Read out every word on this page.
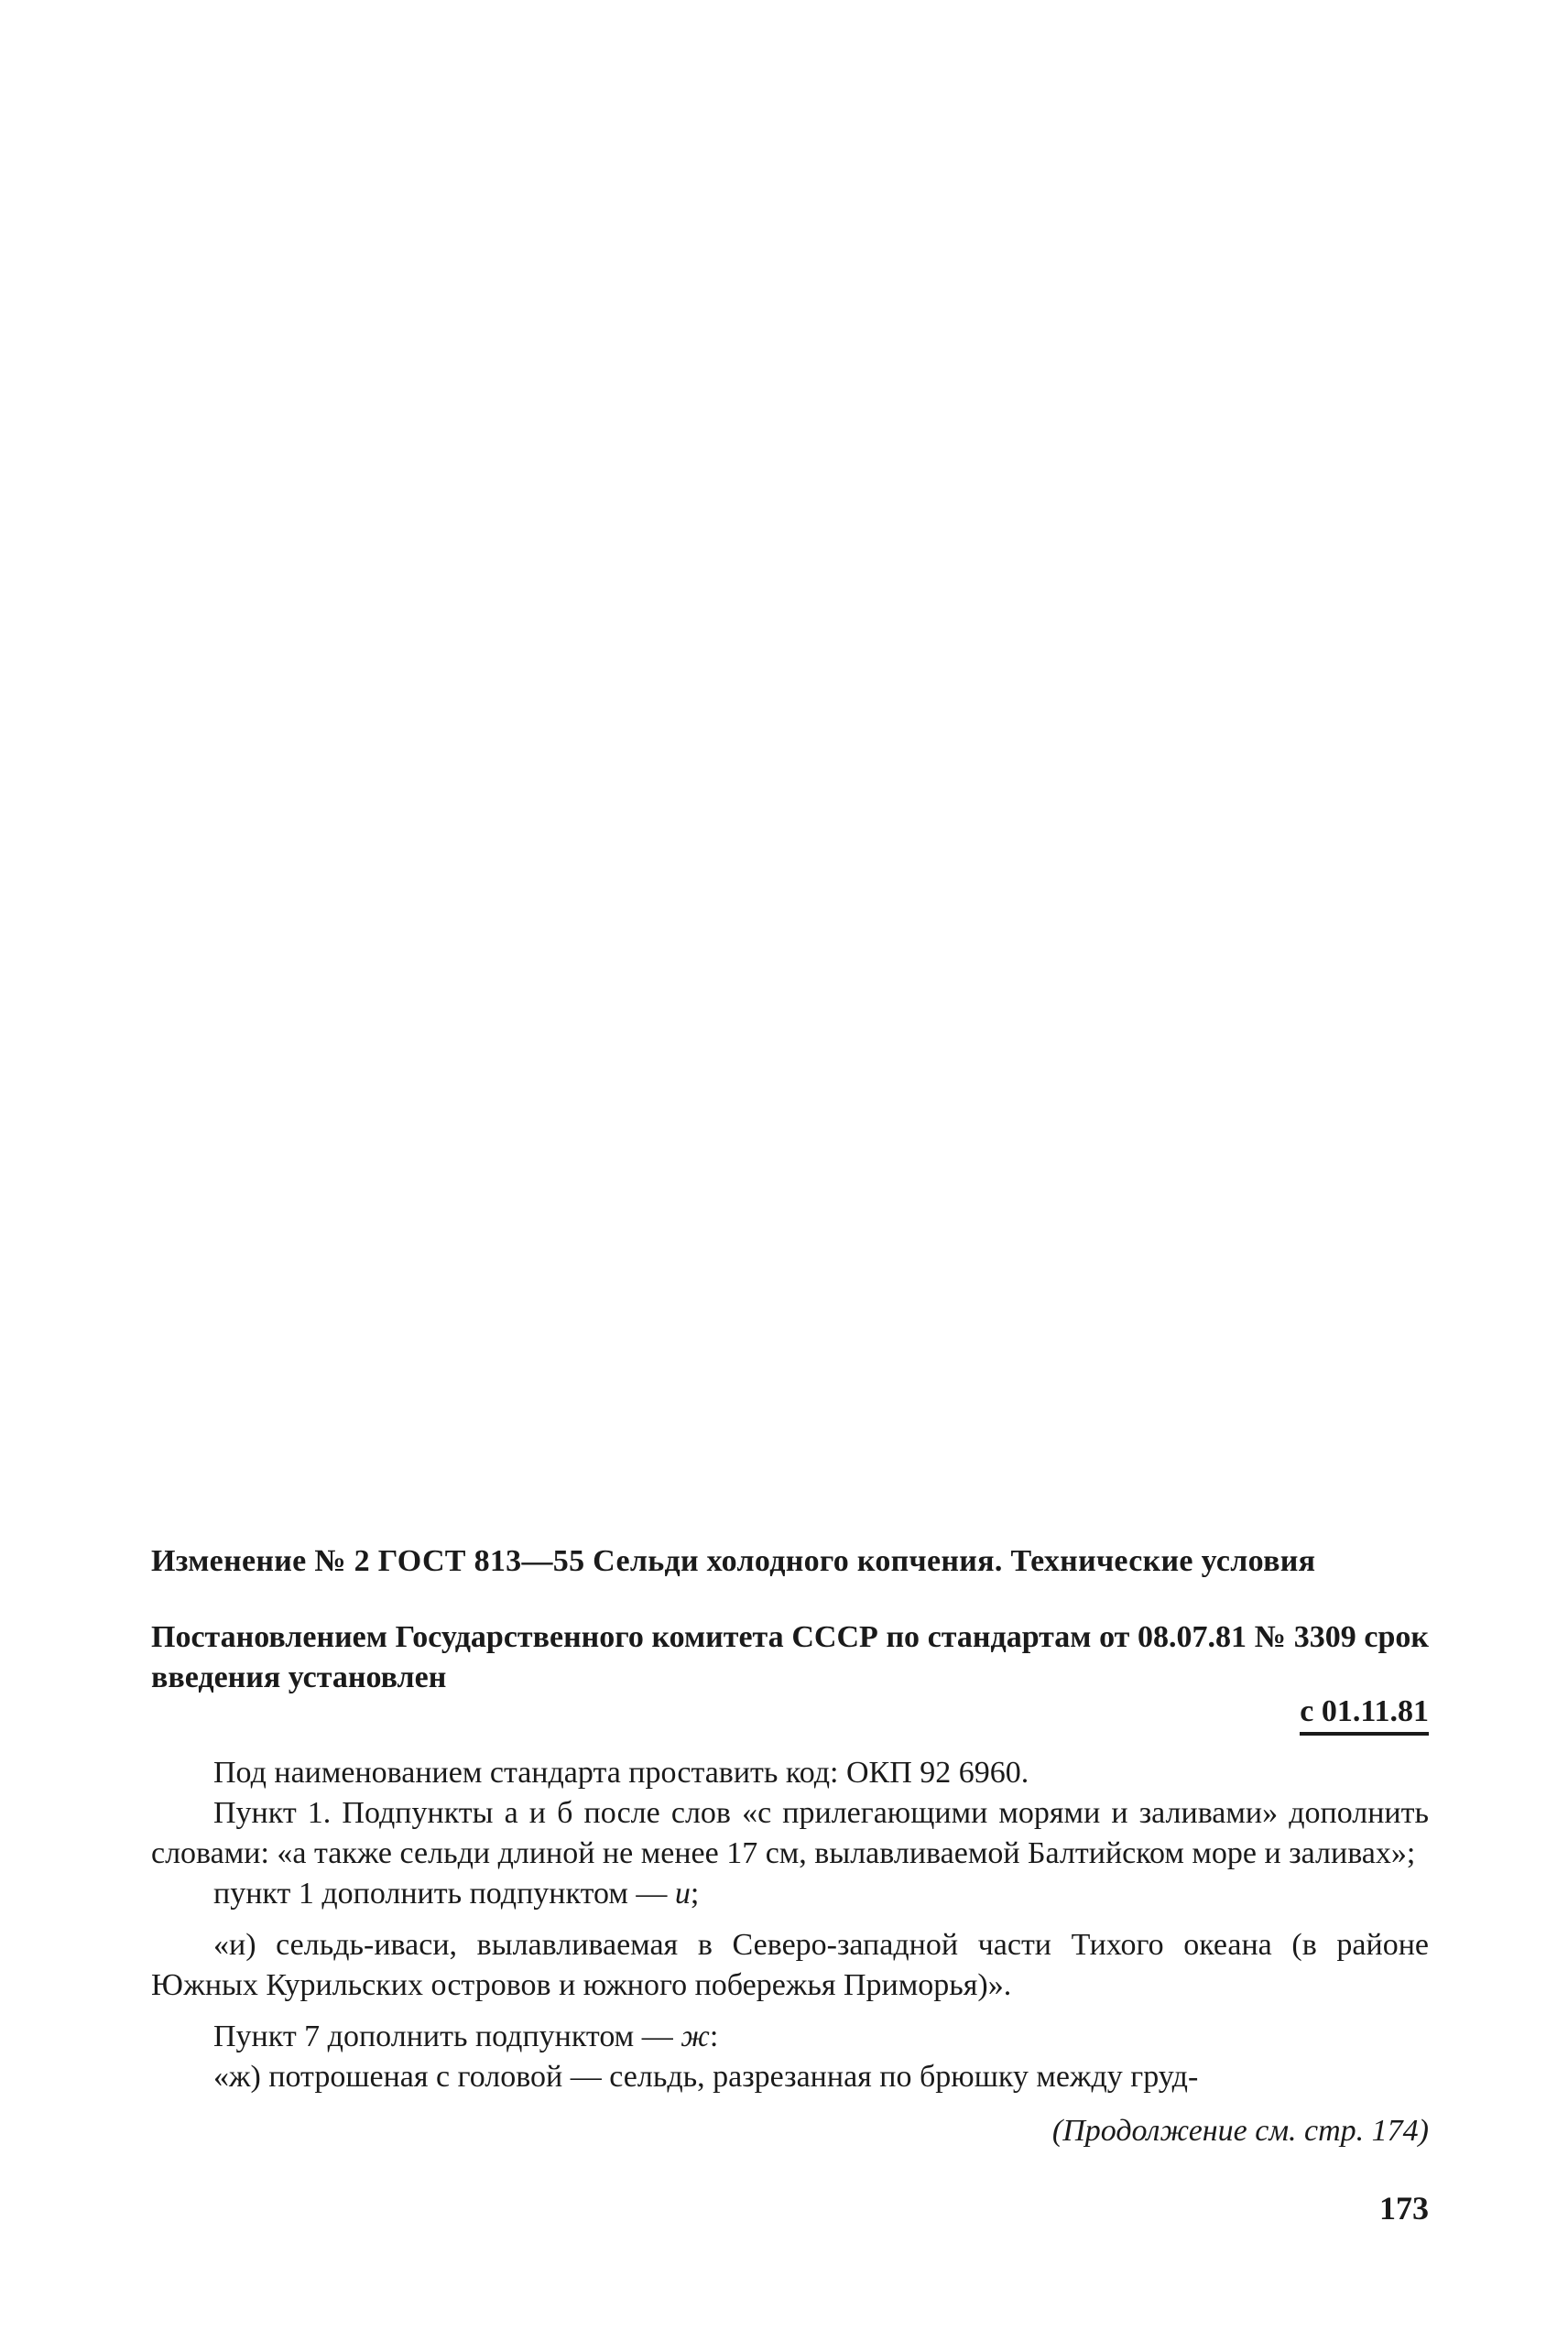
Изменение № 2 ГОСТ 813—55 Сельди холодного копчения. Технические условия
Постановлением Государственного комитета СССР по стандартам от 08.07.81 № 3309 срок введения установлен
с 01.11.81

Под наименованием стандарта проставить код: ОКП 92 6960.

Пункт 1. Подпункты а и б после слов «с прилегающими морями и заливами» дополнить словами: «а также сельди длиной не менее 17 см, вылавливаемой Балтийском море и заливах»;

пункт 1 дополнить подпунктом — и;

«и) сельдь-иваси, вылавливаемая в Северо-западной части Тихого океана (в районе Южных Курильских островов и южного побережья Приморья)».

Пункт 7 дополнить подпунктом — ж:

«ж) потрошеная с головой — сельдь, разрезанная по брюшку между груд-

(Продолжение см. стр. 174)
173
